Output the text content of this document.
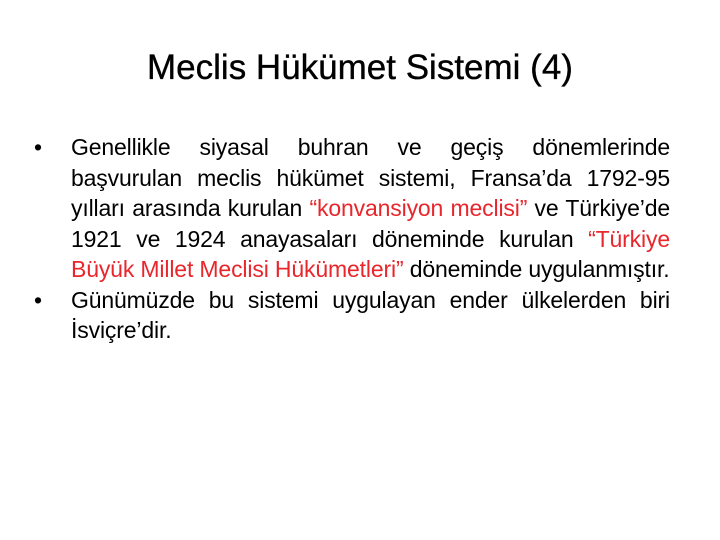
Meclis Hükümet Sistemi (4)
•	Genellikle siyasal buhran ve geçiş dönemlerinde başvurulan meclis hükümet sistemi, Fransa’da 1792-95 yılları arasında kurulan “konvansiyon meclisi” ve Türkiye’de 1921 ve 1924 anayasaları döneminde kurulan “Türkiye Büyük Millet Meclisi Hükümetleri” döneminde uygulanmıştır.
•	Günümüzde bu sistemi uygulayan ender ülkelerden biri İsviçre’dir.
